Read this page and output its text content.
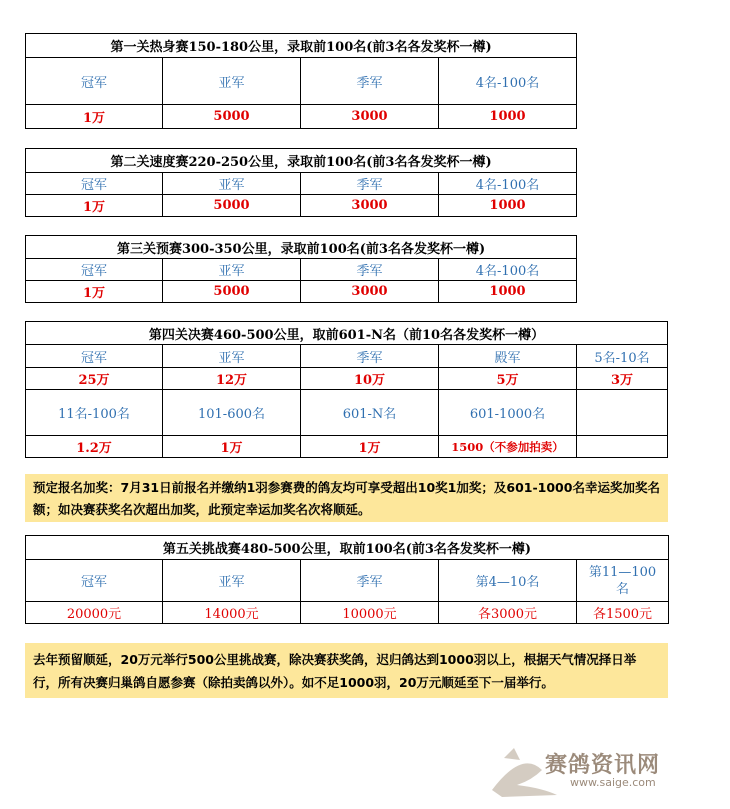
第一关热身赛150-180公里，录取前100名(前3名各发奖杯一樽)			
冠军	亚军	季军	4名-100名
1万	5000	3000	1000
第二关速度赛220-250公里，录取前100名(前3名各发奖杯一樽)			
冠军	亚军	季军	4名-100名
1万	5000	3000	1000
第三关预赛300-350公里，录取前100名(前3名各发奖杯一樽)			
冠军	亚军	季军	4名-100名
1万	5000	3000	1000
第四关决赛460-500公里，取前601-N名（前10名各发奖杯一樽）				
冠军	亚军	季军	殿军	5名-10名
25万	12万	10万	5万	3万
11名-100名	101-600名	601-N名	601-1000名	
1.2万	1万	1万	1500（不参加拍卖）	
预定报名加奖：7月31日前报名并缴纳1羽参赛费的鸽友均可享受超出10奖1加奖；及601-1000名幸运奖加奖名额；如决赛获奖名次超出加奖，此预定幸运加奖名次将顺延。
第五关挑战赛480-500公里，取前100名(前3名各发奖杯一樽)				
冠军	亚军	季军	第4—10名	第11—100名
20000元	14000元	10000元	各3000元	各1500元
去年预留顺延，20万元举行500公里挑战赛，除决赛获奖鸽，迟归鸽达到1000羽以上，根据天气情况择日举行，所有决赛归巢鸽自愿参赛（除拍卖鸽以外）。如不足1000羽，20万元顺延至下一届举行。
赛鸽资讯网
www.saige.com
